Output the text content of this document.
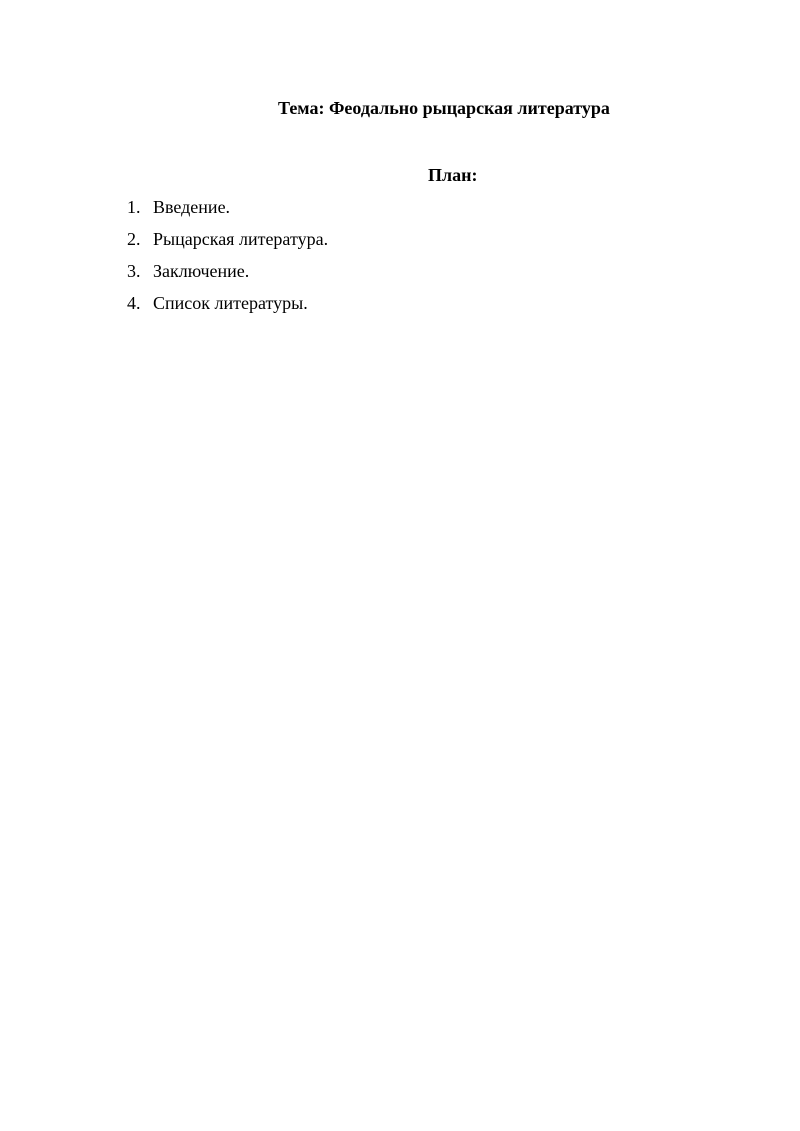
Тема: Феодально рыцарская литература
План:
1. Введение.
2. Рыцарская литература.
3. Заключение.
4. Список литературы.
